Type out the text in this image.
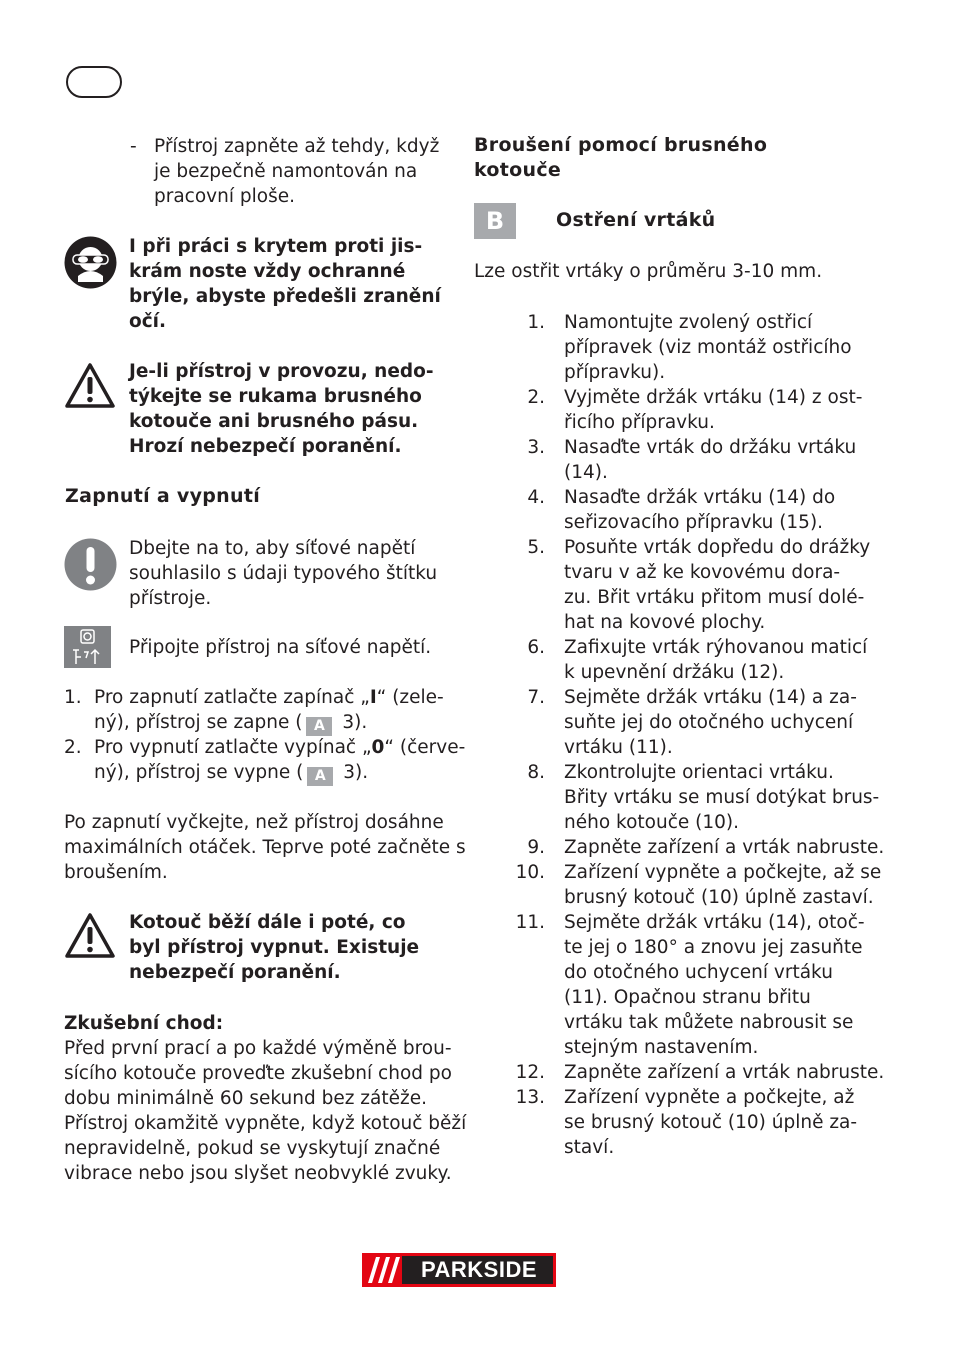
- Přístroj zapněte až tehdy, když
je bezpečně namontován na
pracovní ploše.
I při práci s krytem proti jis-
krám noste vždy ochranné
brýle, abyste předešli zranění
očí.
Je-li přístroj v provozu, nedo-
týkejte se rukama brusného
kotouče ani brusného pásu.
Hrozí nebezpečí poranění.
Zapnutí a vypnutí
Dbejte na to, aby síťové napětí
souhlasilo s údaji typového štítku
přístroje.
Připojte přístroj na síťové napětí.
1. Pro zapnutí zatlačte zapínač „I“ (zele-
ný), přístroj se zapne ( A 3).
2. Pro vypnutí zatlačte vypínač „0“ (červe-
ný), přístroj se vypne ( A 3).
Po zapnutí vyčkejte, než přístroj dosáhne
maximálních otáček. Teprve poté začněte s
broušením.
Kotouč běží dále i poté, co
byl přístroj vypnut. Existuje
nebezpečí poranění.
Zkušební chod:
Před první prací a po každé výměně brou-
sícího kotouče proveďte zkušební chod po
dobu minimálně 60 sekund bez zátěže.
Přístroj okamžitě vypněte, když kotouč běží
nepravidelně, pokud se vyskytují značné
vibrace nebo jsou slyšet neobvyklé zvuky.
Broušení pomocí brusného
kotouče
B	Ostření vrtáků
Lze ostřit vrtáky o průměru 3-10 mm.
1. Namontujte zvolený ostřicí
přípravek (viz montáž ostřicího
přípravku).
2. Vyjměte držák vrtáku (14) z ost-
řicího přípravku.
3. Nasaďte vrták do držáku vrtáku
(14).
4. Nasaďte držák vrtáku (14) do
seřizovacího přípravku (15).
5. Posuňte vrták dopředu do drážky
tvaru v až ke kovovému dora-
zu. Břit vrtáku přitom musí dolé-
hat na kovové plochy.
6. Zafixujte vrták rýhovanou maticí
k upevnění držáku (12).
7. Sejměte držák vrtáku (14) a za-
suňte jej do otočného uchycení
vrtáku (11).
8. Zkontrolujte orientaci vrtáku.
Břity vrtáku se musí dotýkat brus-
ného kotouče (10).
9. Zapněte zařízení a vrták nabruste.
10. Zařízení vypněte a počkejte, až se
brusný kotouč (10) úplně zastaví.
11. Sejměte držák vrtáku (14), otoč-
te jej o 180° a znovu jej zasuňte
do otočného uchycení vrtáku
(11). Opačnou stranu břitu
vrtáku tak můžete nabrousit se
stejným nastavením.
12. Zapněte zařízení a vrták nabruste.
13. Zařízení vypněte a počkejte, až
se brusný kotouč (10) úplně za-
staví.
PARKSIDE
